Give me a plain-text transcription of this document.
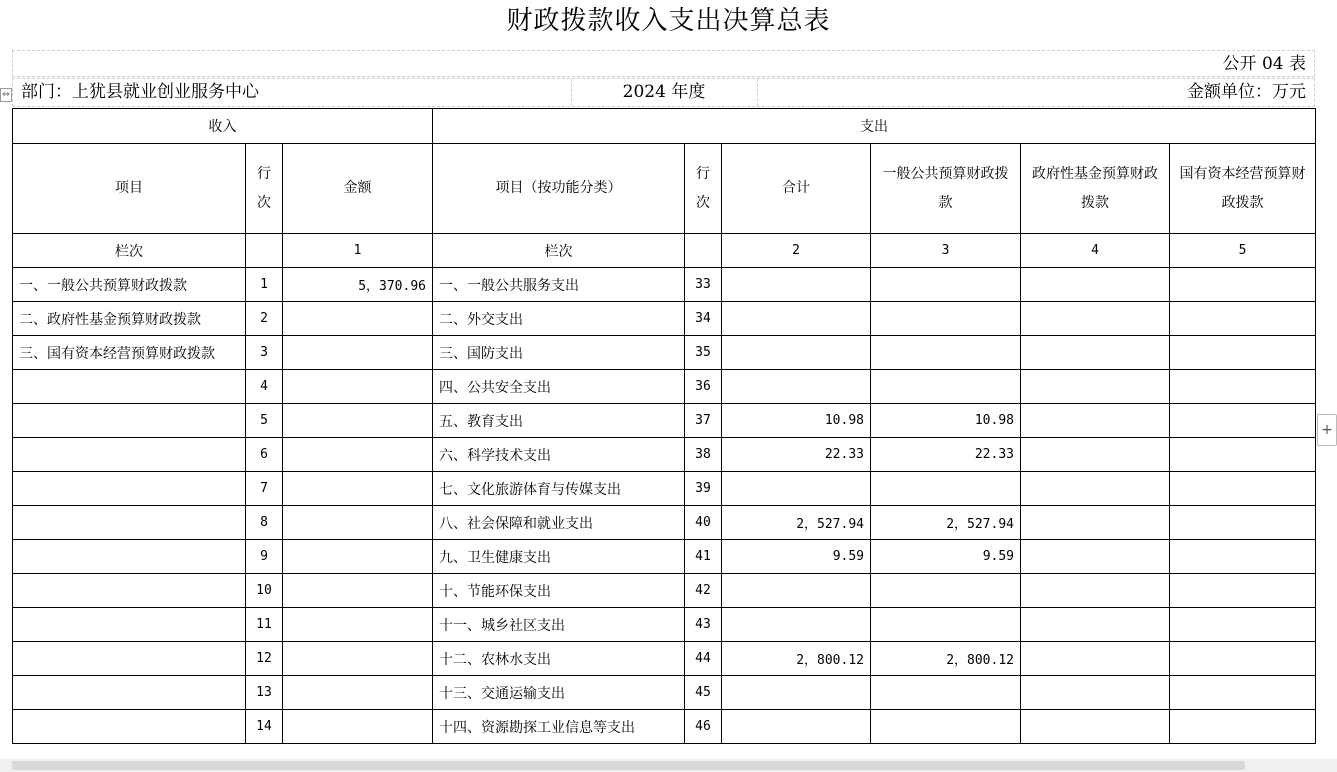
财政拨款收入支出决算总表
⇔
+
公开 04 表
部门：上犹县就业创业服务中心	2024 年度	金额单位：万元
收入			支出					
项目	行次	金额	项目（按功能分类）	行次	合计	一般公共预算财政拨款	政府性基金预算财政拨款	国有资本经营预算财政拨款
栏次		1	栏次		2	3	4	5
一、一般公共预算财政拨款	1	5，370.96	一、一般公共服务支出	33				
二、政府性基金预算财政拨款	2		二、外交支出	34				
三、国有资本经营预算财政拨款	3		三、国防支出	35				
	4		四、公共安全支出	36				
	5		五、教育支出	37	10.98	10.98		
	6		六、科学技术支出	38	22.33	22.33		
	7		七、文化旅游体育与传媒支出	39				
	8		八、社会保障和就业支出	40	2，527.94	2，527.94		
	9		九、卫生健康支出	41	9.59	9.59		
	10		十、节能环保支出	42				
	11		十一、城乡社区支出	43				
	12		十二、农林水支出	44	2，800.12	2，800.12		
	13		十三、交通运输支出	45				
	14		十四、资源勘探工业信息等支出	46				
